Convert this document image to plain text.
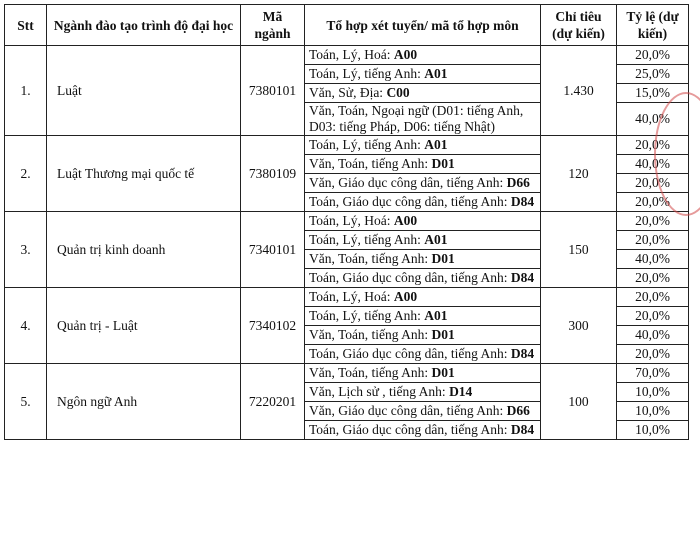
Stt	Ngành đào tạo trình độ đại học	Mã ngành	Tổ hợp xét tuyển/ mã tổ hợp môn	Chỉ tiêu (dự kiến)	Tỷ lệ (dự kiến)
1.	Luật	7380101	Toán, Lý, Hoá: A00	1.430	20,0%
			Toán, Lý, tiếng Anh: A01		25,0%
			Văn, Sử, Địa: C00		15,0%
			Văn, Toán, Ngoại ngữ (D01: tiếng Anh, D03: tiếng Pháp, D06: tiếng Nhật)		40,0%
2.	Luật Thương mại quốc tế	7380109	Toán, Lý, tiếng Anh: A01	120	20,0%
			Văn, Toán, tiếng Anh: D01		40,0%
			Văn, Giáo dục công dân, tiếng Anh: D66		20,0%
			Toán, Giáo dục công dân, tiếng Anh: D84		20,0%
3.	Quản trị kinh doanh	7340101	Toán, Lý, Hoá: A00	150	20,0%
			Toán, Lý, tiếng Anh: A01		20,0%
			Văn, Toán, tiếng Anh: D01		40,0%
			Toán, Giáo dục công dân, tiếng Anh: D84		20,0%
4.	Quản trị - Luật	7340102	Toán, Lý, Hoá: A00	300	20,0%
			Toán, Lý, tiếng Anh: A01		20,0%
			Văn, Toán, tiếng Anh: D01		40,0%
			Toán, Giáo dục công dân, tiếng Anh: D84		20,0%
5.	Ngôn ngữ Anh	7220201	Văn, Toán, tiếng Anh: D01	100	70,0%
			Văn, Lịch sử , tiếng Anh: D14		10,0%
			Văn, Giáo dục công dân, tiếng Anh: D66		10,0%
			Toán, Giáo dục công dân, tiếng Anh: D84		10,0%
